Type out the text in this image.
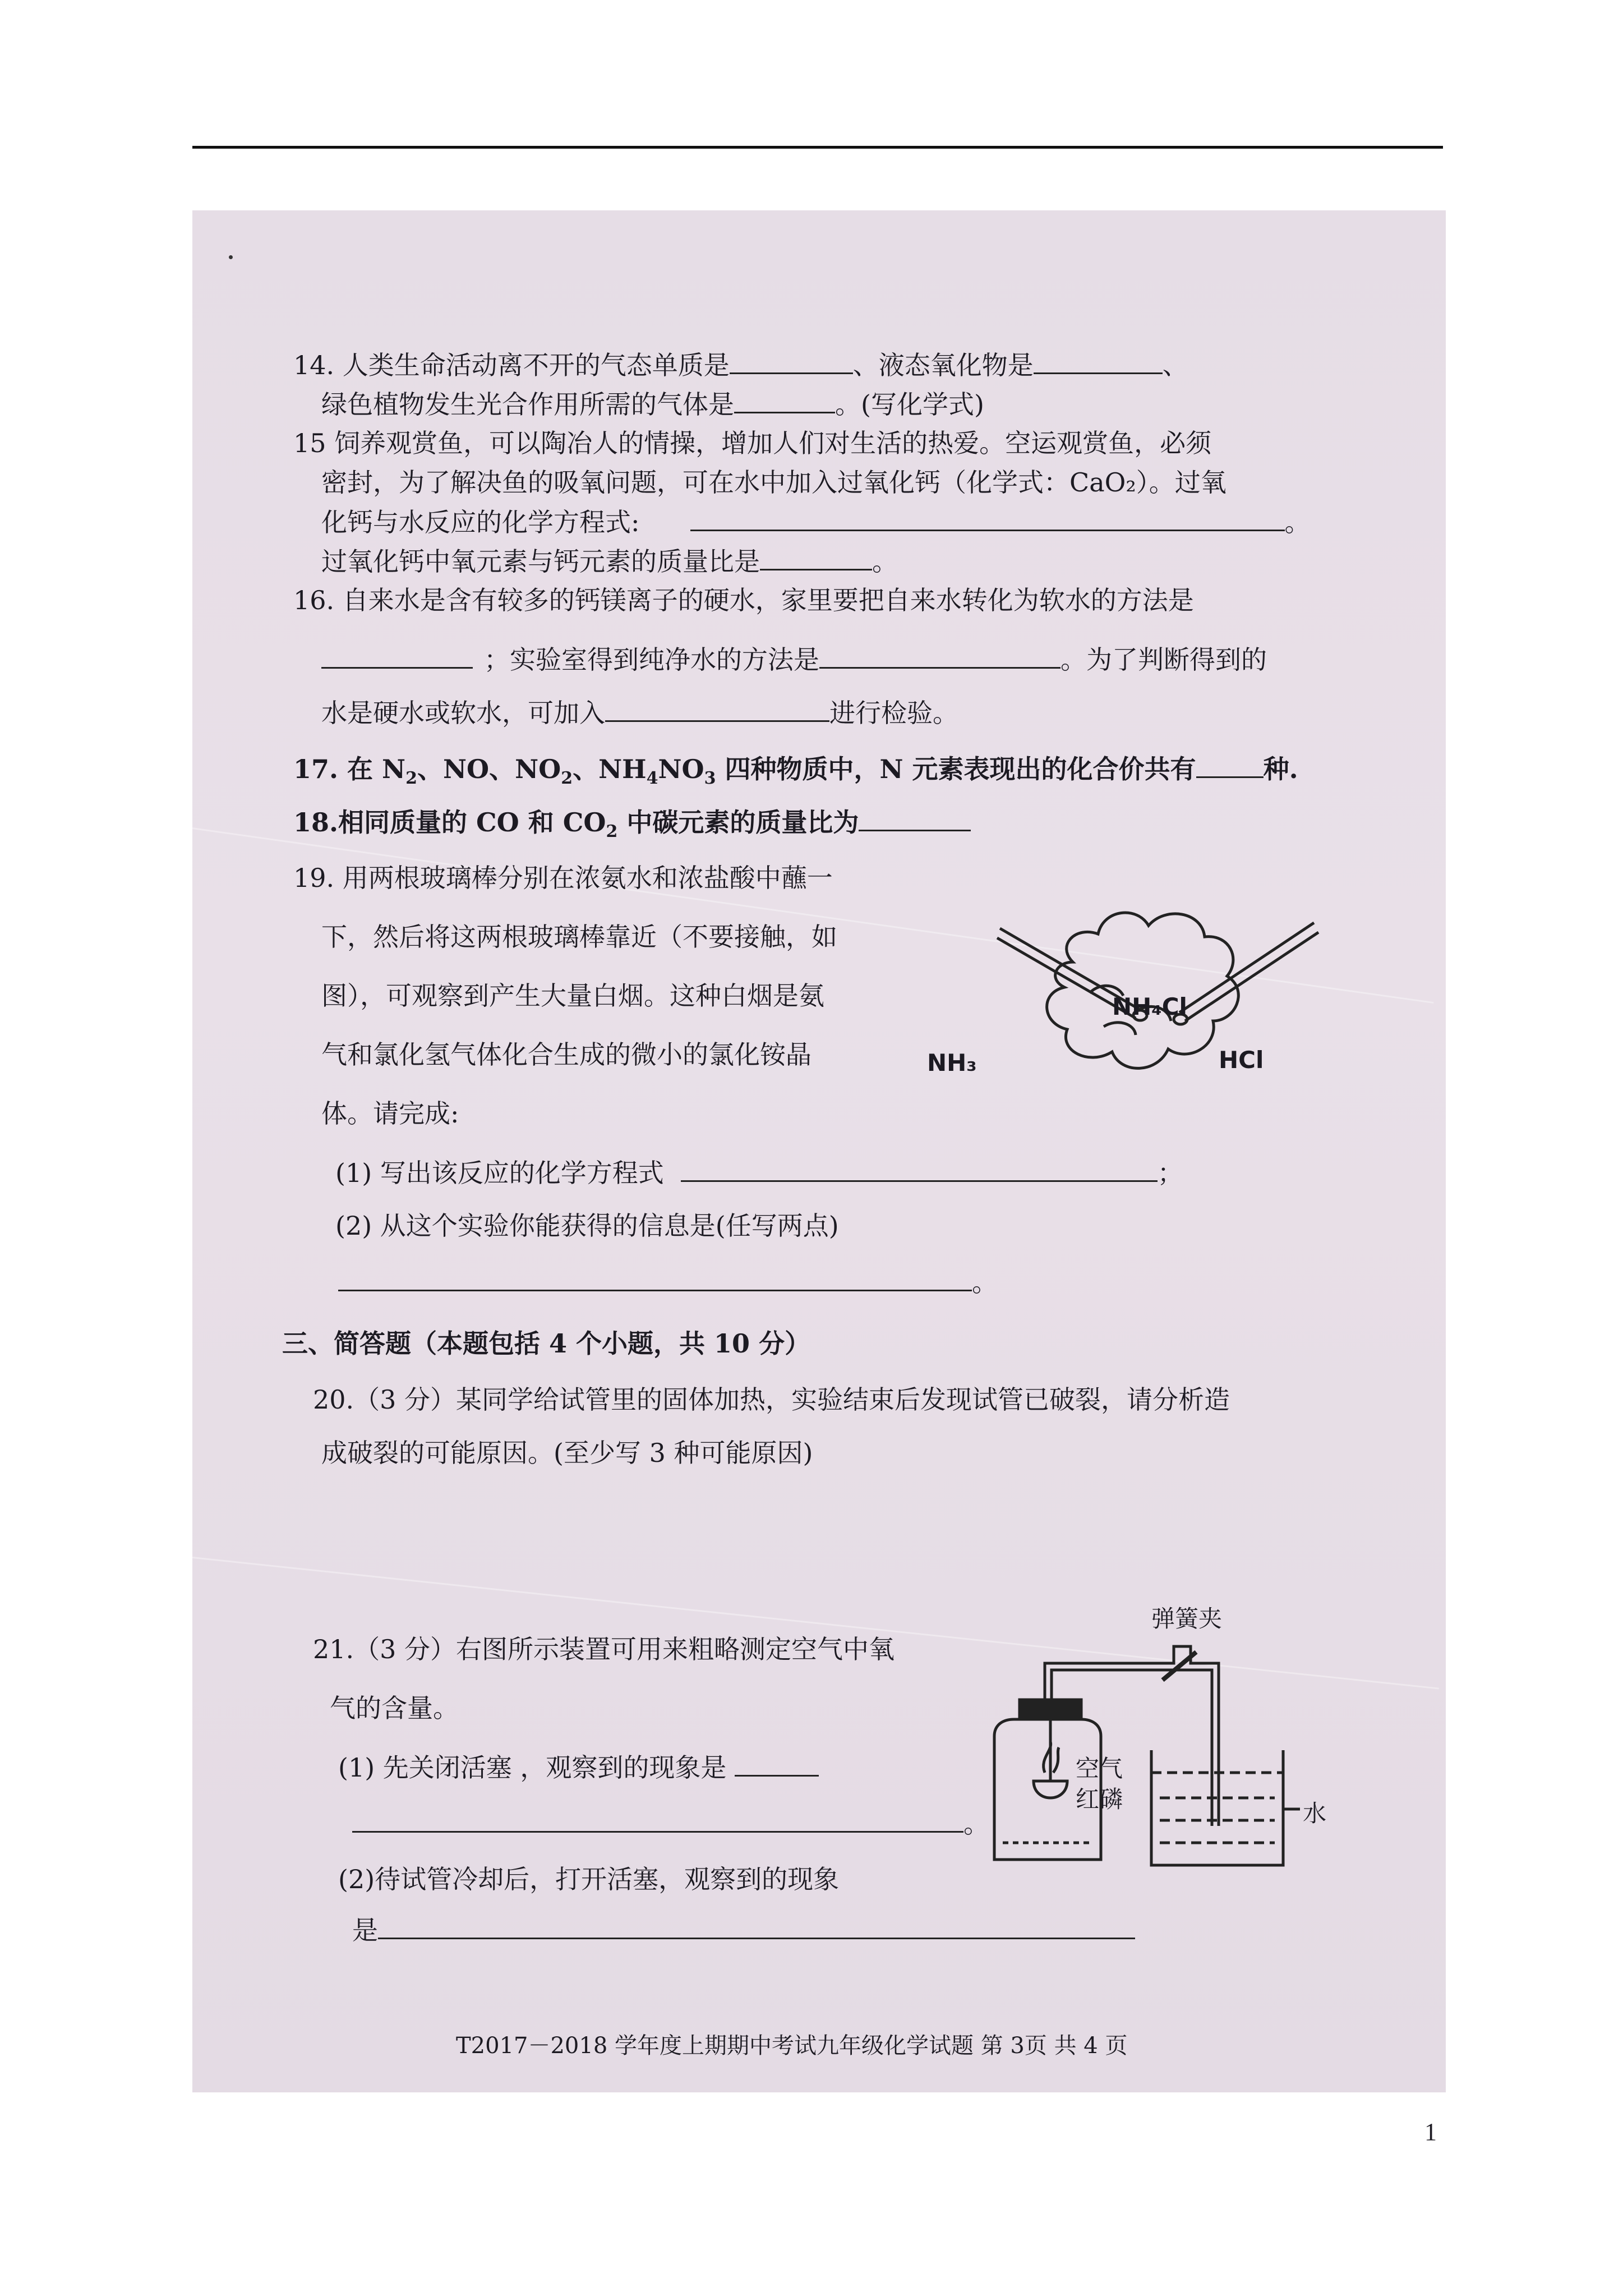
14. 人类生命活动离不开的气态单质是	、液态氧化物是	、
绿色植物发生光合作用所需的气体是	。(写化学式)
15 饲养观赏鱼，可以陶冶人的情操，增加人们对生活的热爱。空运观赏鱼，必须
密封，为了解决鱼的吸氧问题，可在水中加入过氧化钙（化学式：CaO₂）。过氧
化钙与水反应的化学方程式:	。
过氧化钙中氧元素与钙元素的质量比是	。
16. 自来水是含有较多的钙镁离子的硬水，家里要把自来水转化为软水的方法是
；实验室得到纯净水的方法是	。为了判断得到的
水是硬水或软水，可加入	进行检验。
17. 在 $N_2$、NO、$NO_2$、$NH_4NO_3$ 四种物质中，N 元素表现出的化合价共有	种.
18.相同质量的 CO 和 $CO_2$ 中碳元素的质量比为
19. 用两根玻璃棒分别在浓氨水和浓盐酸中蘸一
下，然后将这两根玻璃棒靠近（不要接触，如
图），可观察到产生大量白烟。这种白烟是氨
气和氯化氢气体化合生成的微小的氯化铵晶
体。请完成:
(1) 写出该反应的化学方程式	；
(2) 从这个实验你能获得的信息是(任写两点)
。
NH₄Cl
NH₃	HCl
三、简答题（本题包括 4 个小题，共 10 分）
20.（3 分）某同学给试管里的固体加热，实验结束后发现试管已破裂，请分析造
成破裂的可能原因。(至少写 3 种可能原因)
21.（3 分）右图所示装置可用来粗略测定空气中氧
气的含量。
(1) 先关闭活塞 ，观察到的现象是
。
(2)待试管冷却后，打开活塞，观察到的现象
是
弹簧夹
空气
红磷
水
T2017－2018 学年度上期期中考试九年级化学试题 第 3页 共 4 页
1
